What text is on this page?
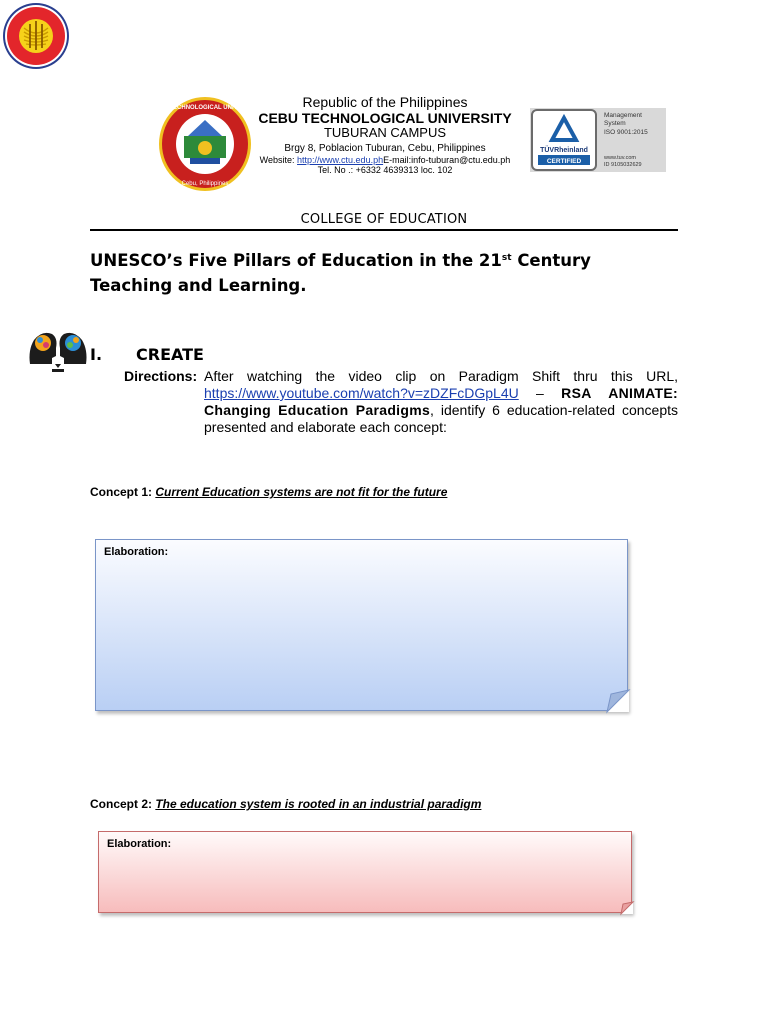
CEBU TECHNOLOGICAL UNIVERSITY
Cebu, Philippines
Republic of the Philippines
CEBU TECHNOLOGICAL UNIVERSITY
TUBURAN CAMPUS
Brgy 8, Poblacion Tuburan, Cebu, Philippines
Website: http://www.ctu.edu.phE-mail:info-tuburan@ctu.edu.ph
Tel. No .: +6332 4639313 loc. 102
TÜVRheinland
CERTIFIED
Management
System
ISO 9001:2015
www.tuv.com
ID 9105032629
COLLEGE OF EDUCATION
UNESCO’s Five Pillars of Education in the 21st Century
Teaching and Learning.
I. CREATE
Directions: After watching the video clip on Paradigm Shift thru this URL, https://www.youtube.com/watch?v=zDZFcDGpL4U – RSA ANIMATE: Changing Education Paradigms, identify 6 education-related concepts presented and elaborate each concept:
Concept 1: Current Education systems are not fit for the future
Elaboration:
Concept 2: The education system is rooted in an industrial paradigm
Elaboration:
